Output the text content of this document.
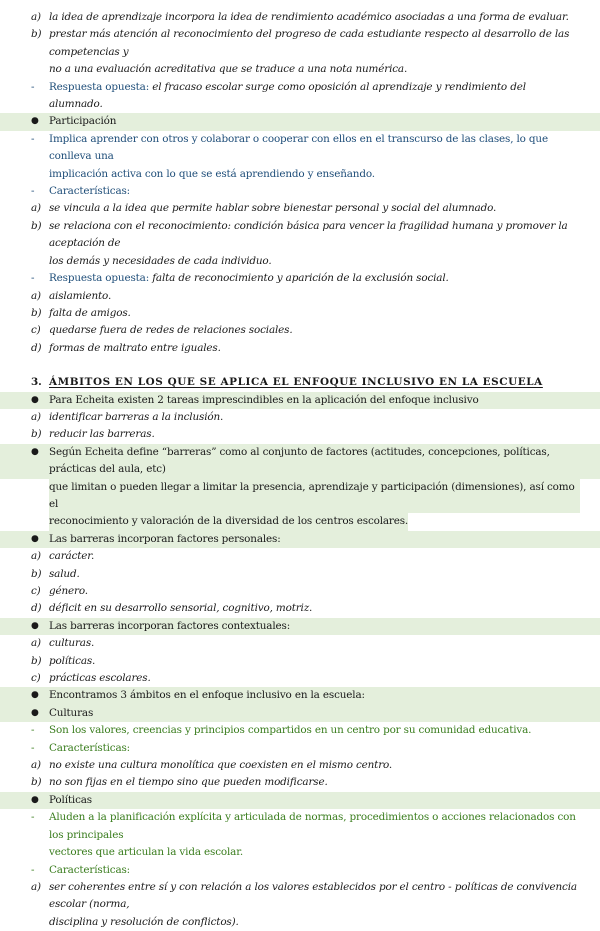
a) la idea de aprendizaje incorpora la idea de rendimiento académico asociadas a una forma de evaluar.
b) prestar más atención al reconocimiento del progreso de cada estudiante respecto al desarrollo de las competencias y
no a una evaluación acreditativa que se traduce a una nota numérica.
-	Respuesta opuesta: el fracaso escolar surge como oposición al aprendizaje y rendimiento del alumnado.
● Participación
-	Implica aprender con otros y colaborar o cooperar con ellos en el transcurso de las clases, lo que conlleva una
implicación activa con lo que se está aprendiendo y enseñando.
-	Características:
a) se vincula a la idea que permite hablar sobre bienestar personal y social del alumnado.
b) se relaciona con el reconocimiento: condición básica para vencer la fragilidad humana y promover la aceptación de
los demás y necesidades de cada individuo.
-	Respuesta opuesta: falta de reconocimiento y aparición de la exclusión social.
a) aislamiento.
b) falta de amigos.
c) quedarse fuera de redes de relaciones sociales.
d) formas de maltrato entre iguales.
3. ÁMBITOS EN LOS QUE SE APLICA EL ENFOQUE INCLUSIVO EN LA ESCUELA
● Para Echeita existen 2 tareas imprescindibles en la aplicación del enfoque inclusivo
a) identificar barreras a la inclusión.
b) reducir las barreras.
● Según Echeita define “barreras” como al conjunto de factores (actitudes, concepciones, políticas, prácticas del aula, etc)
que limitan o pueden llegar a limitar la presencia, aprendizaje y participación (dimensiones), así como el
reconocimiento y valoración de la diversidad de los centros escolares.
● Las barreras incorporan factores personales:
a) carácter.
b) salud.
c) género.
d) déficit en su desarrollo sensorial, cognitivo, motriz.
● Las barreras incorporan factores contextuales:
a) culturas.
b) políticas.
c) prácticas escolares.
● Encontramos 3 ámbitos en el enfoque inclusivo en la escuela:
● Culturas
-	Son los valores, creencias y principios compartidos en un centro por su comunidad educativa.
-	Características:
a) no existe una cultura monolítica que coexisten en el mismo centro.
b) no son fijas en el tiempo sino que pueden modificarse.
● Políticas
-	Aluden a la planificación explícita y articulada de normas, procedimientos o acciones relacionados con los principales
vectores que articulan la vida escolar.
-	Características:
a) ser coherentes entre sí y con relación a los valores establecidos por el centro - políticas de convivencia escolar (norma,
disciplina y resolución de conflictos).
